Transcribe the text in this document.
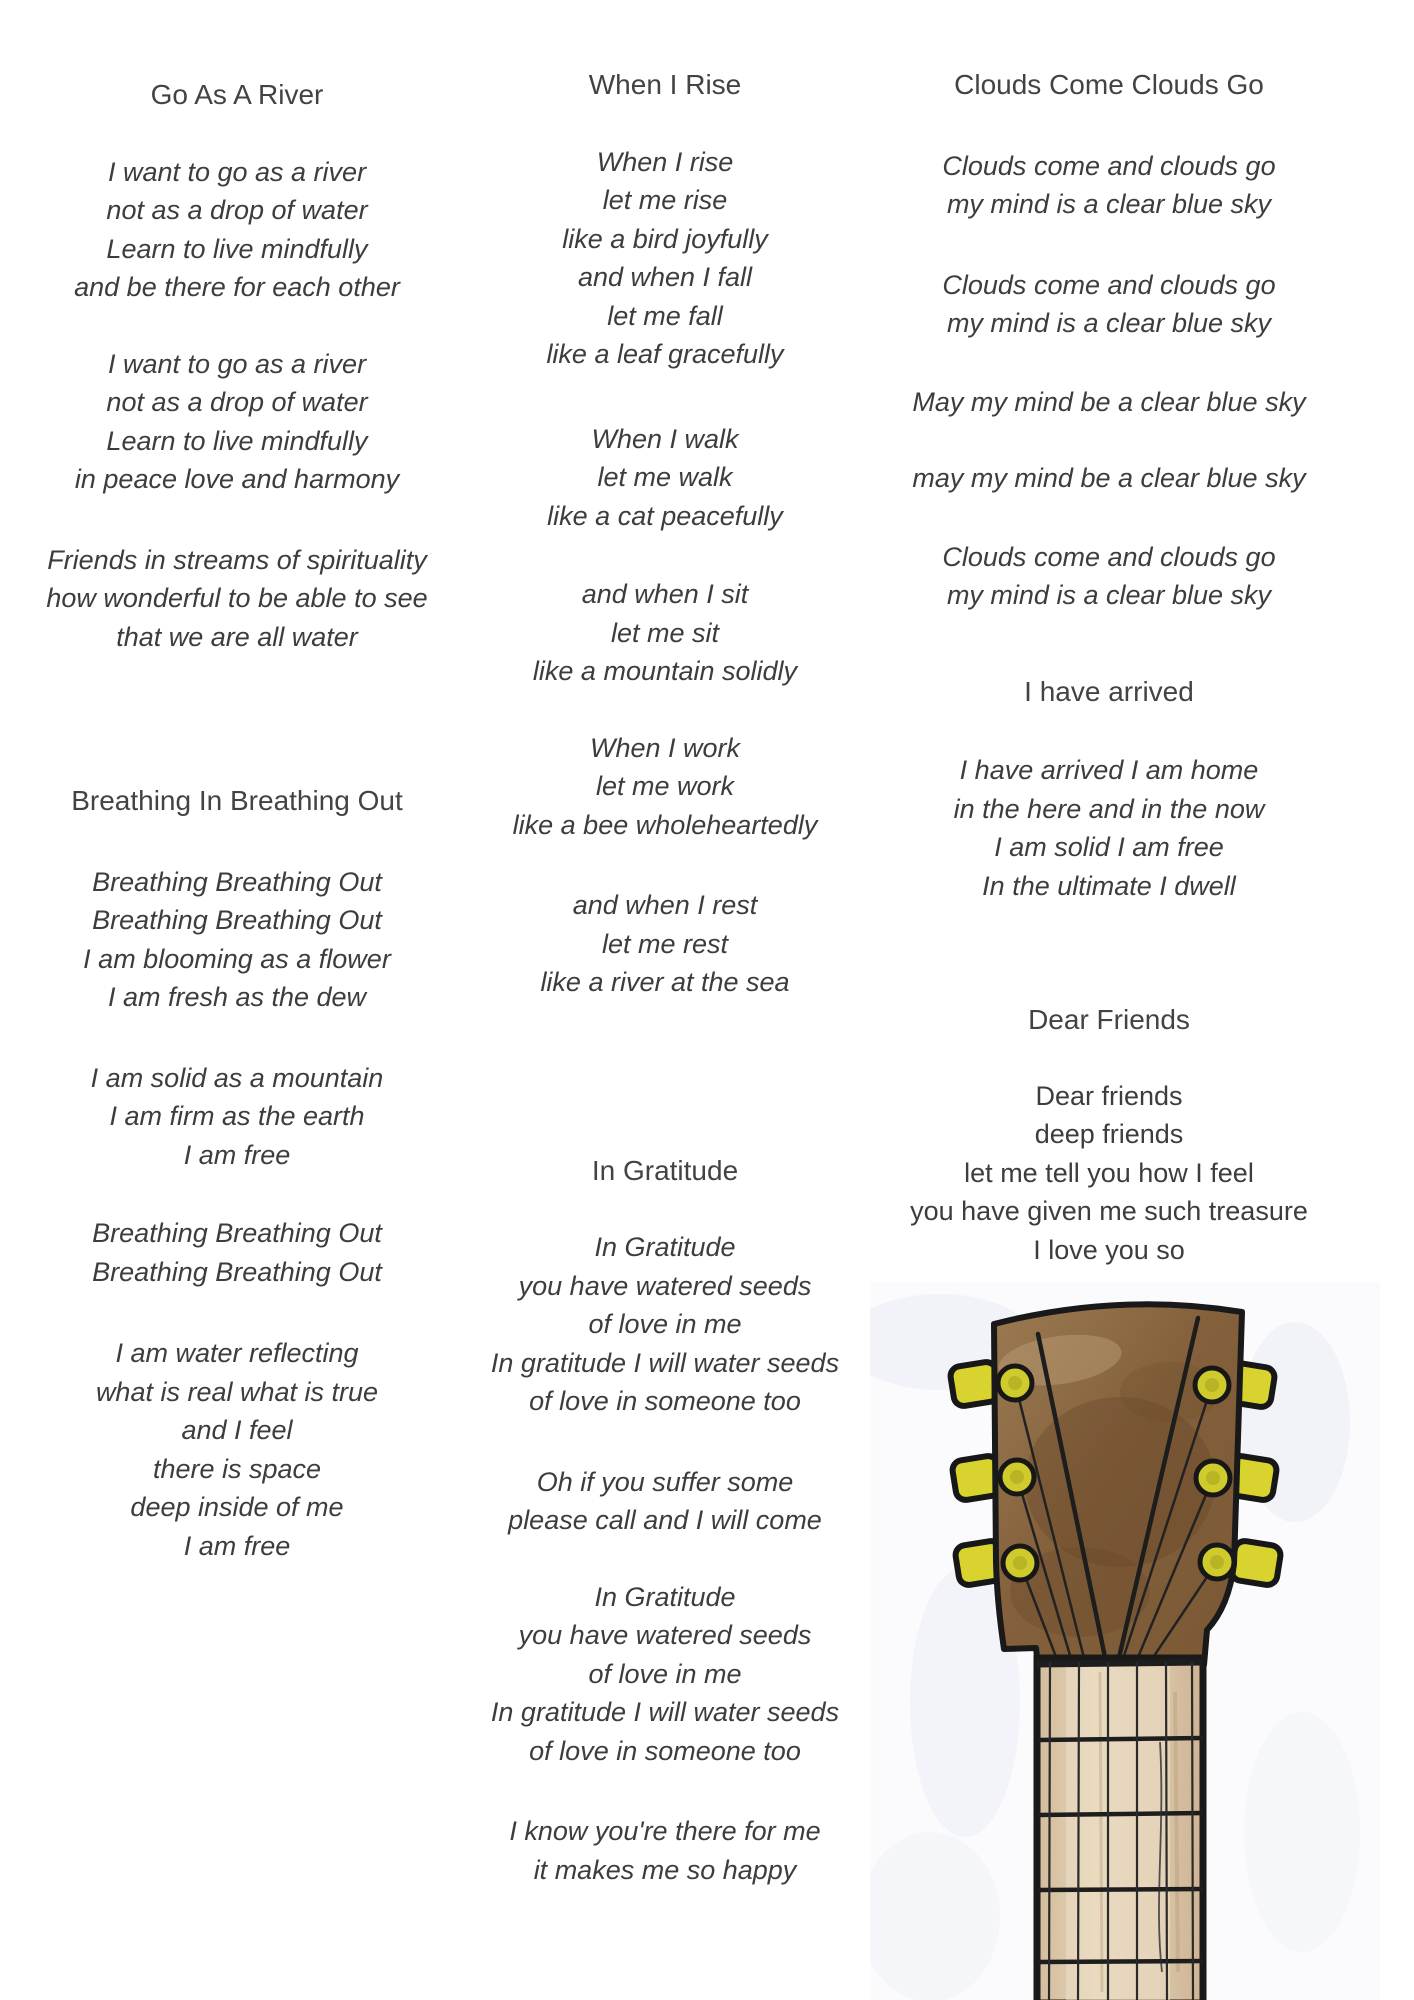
Go As A River
I want to go as a river
not as a drop of water
Learn to live mindfully
and be there for each other
I want to go as a river
not as a drop of water
Learn to live mindfully
in peace love and harmony
Friends in streams of spirituality
how wonderful to be able to see
that we are all water
Breathing In Breathing Out
Breathing Breathing Out
Breathing Breathing Out
I am blooming as a flower
I am fresh as the dew
I am solid as a mountain
I am firm as the earth
I am free
Breathing Breathing Out
Breathing Breathing Out
I am water reflecting
what is real what is true
and I feel
there is space
deep inside of me
I am free
When I Rise
When I rise
let me rise
like a bird joyfully
and when I fall
let me fall
like a leaf gracefully
When I walk
let me walk
like a cat peacefully
and when I sit
let me sit
like a mountain solidly
When I work
let me work
like a bee wholeheartedly
and when I rest
let me rest
like a river at the sea
In Gratitude
In Gratitude
you have watered seeds
of love in me
In gratitude I will water seeds
of love in someone too
Oh if you suffer some
please call and I will come
In Gratitude
you have watered seeds
of love in me
In gratitude I will water seeds
of love in someone too
I know you're there for me
it makes me so happy
Clouds Come Clouds Go
Clouds come and clouds go
my mind is a clear blue sky
Clouds come and clouds go
my mind is a clear blue sky
May my mind be a clear blue sky
may my mind be a clear blue sky
Clouds come and clouds go
my mind is a clear blue sky
I have arrived
I have arrived I am home
in the here and in the now
I am solid I am free
In the ultimate I dwell
Dear Friends
Dear friends
deep friends
let me tell you how I feel
you have given me such treasure
I love you so
